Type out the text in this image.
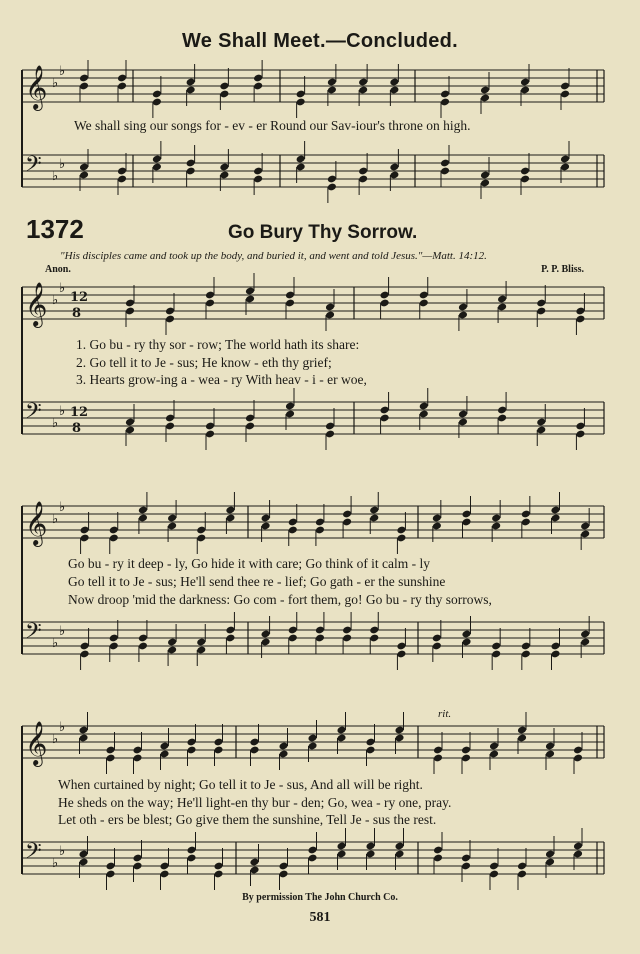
𝄞 ♭
♭
𝄢 ♭
♭
𝄞 ♭
♭
12
8
𝄢 ♭
♭ 12
8
𝄞 ♭
♭
𝄢 ♭
♭
𝄞 ♭
♭
𝄢 ♭
♭
We Shall Meet.—Concluded.
We shall sing our songs for - ev - er Round our Sav-iour's throne on high.
1372	Go Bury Thy Sorrow.
"His disciples came and took up the body, and buried it, and went and told Jesus."—Matt. 14:12.
Anon.	P. P. Bliss.
1. Go bu - ry thy sor - row; The world hath its share:
2. Go tell it to Je - sus; He know - eth thy grief;
3. Hearts grow-ing a - wea - ry With heav - i - er woe,
Go bu - ry it deep - ly, Go hide it with care; Go think of it calm - ly
Go tell it to Je - sus; He'll send thee re - lief; Go gath - er the sunshine
Now droop 'mid the darkness: Go com - fort them, go! Go bu - ry thy sorrows,
rit.
When curtained by night; Go tell it to Je - sus, And all will be right.
He sheds on the way; He'll light-en thy bur - den; Go, wea - ry one, pray.
Let oth - ers be blest; Go give them the sunshine, Tell Je - sus the rest.
By permission The John Church Co.
581
